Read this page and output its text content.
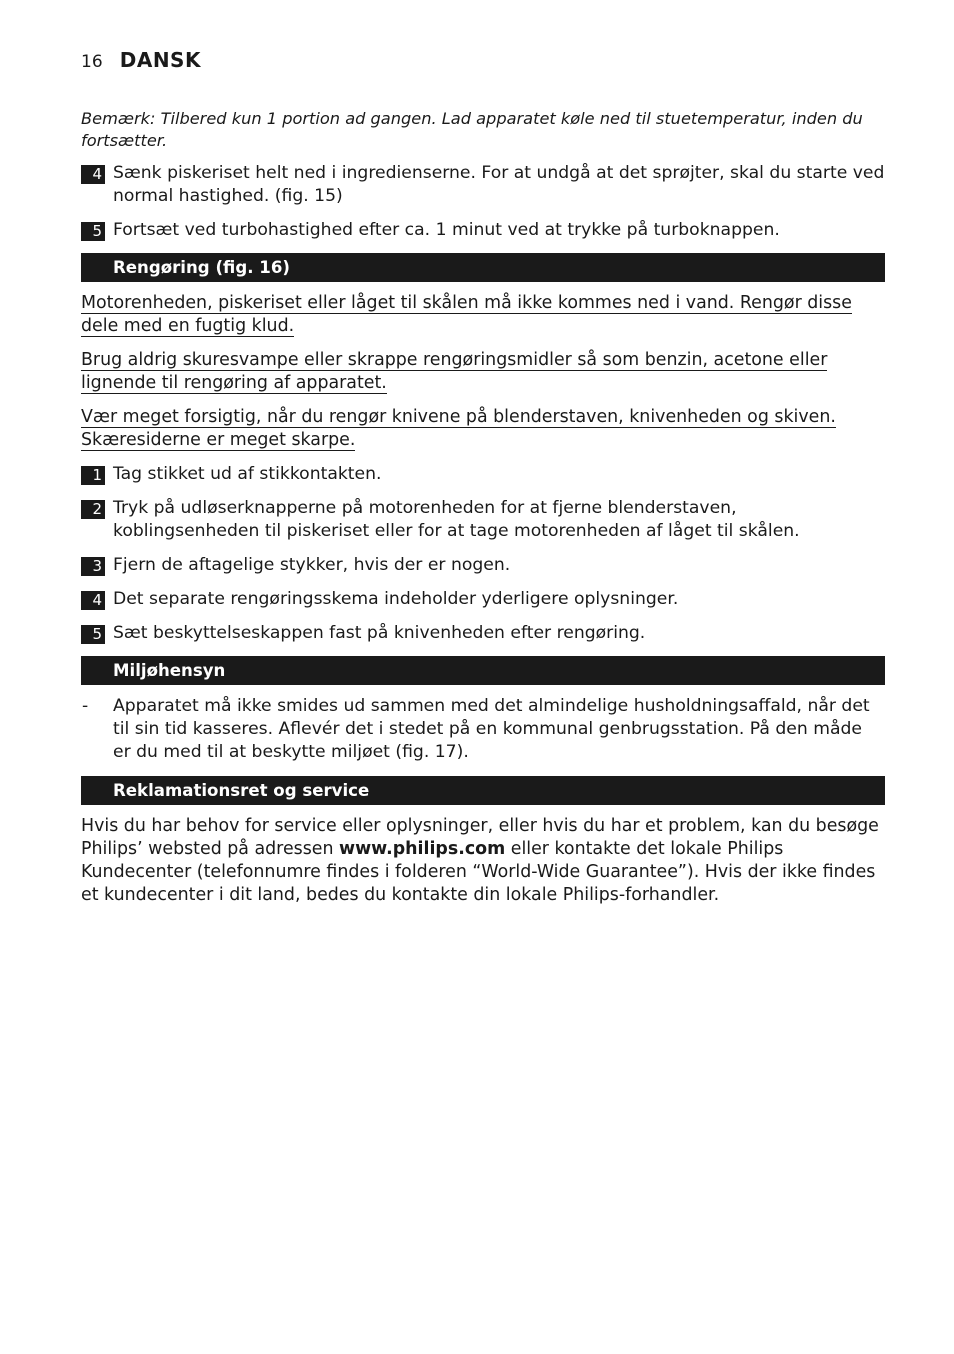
16 DANSK

Bemærk: Tilbered kun 1 portion ad gangen. Lad apparatet køle ned til stuetemperatur, inden du fortsætter.

4 Sænk piskeriset helt ned i ingredienserne. For at undgå at det sprøjter, skal du starte ved normal hastighed. (fig. 15)
5 Fortsæt ved turbohastighed efter ca. 1 minut ved at trykke på turboknappen.
Rengøring (fig. 16)

Motorenheden, piskeriset eller låget til skålen må ikke kommes ned i vand. Rengør disse dele med en fugtig klud.

Brug aldrig skuresvampe eller skrappe rengøringsmidler så som benzin, acetone eller lignende til rengøring af apparatet.

Vær meget forsigtig, når du rengør knivene på blenderstaven, knivenheden og skiven. Skæresiderne er meget skarpe.

1 Tag stikket ud af stikkontakten.
2 Tryk på udløserknapperne på motorenheden for at fjerne blenderstaven, koblingsenheden til piskeriset eller for at tage motorenheden af låget til skålen.
3 Fjern de aftagelige stykker, hvis der er nogen.
4 Det separate rengøringsskema indeholder yderligere oplysninger.
5 Sæt beskyttelseskappen fast på knivenheden efter rengøring.
Miljøhensyn
- Apparatet må ikke smides ud sammen med det almindelige husholdningsaffald, når det til sin tid kasseres. Aflevér det i stedet på en kommunal genbrugsstation. På den måde er du med til at beskytte miljøet (fig. 17).
Reklamationsret og service

Hvis du har behov for service eller oplysninger, eller hvis du har et problem, kan du besøge Philips’ websted på adressen www.philips.com eller kontakte det lokale Philips Kundecenter (telefonnumre findes i folderen “World-Wide Guarantee”). Hvis der ikke findes et kundecenter i dit land, bedes du kontakte din lokale Philips-forhandler.
